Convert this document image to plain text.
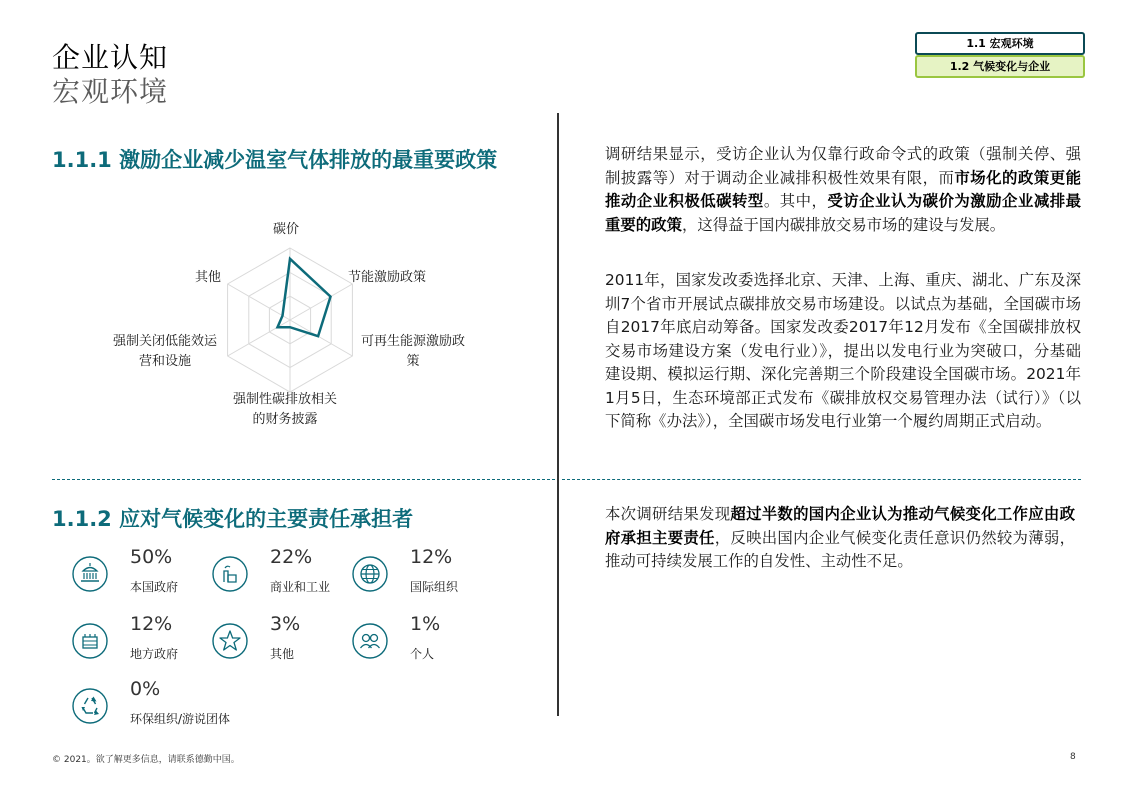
企业认知
宏观环境
1.1 宏观环境
1.2 气候变化与企业
1.1.1 激励企业减少温室气体排放的最重要政策
碳价
节能激励政策
可再生能源激励政
策
强制性碳排放相关
的财务披露
强制关闭低能效运
营和设施
其他
调研结果显示，受访企业认为仅靠行政命令式的政策（强制关停、强制披露等）对于调动企业减排积极性效果有限，而市场化的政策更能推动企业积极低碳转型。其中，受访企业认为碳价为激励企业减排最重要的政策，这得益于国内碳排放交易市场的建设与发展。
2011年，国家发改委选择北京、天津、上海、重庆、湖北、广东及深圳7个省市开展试点碳排放交易市场建设。以试点为基础，全国碳市场自2017年底启动筹备。国家发改委2017年12月发布《全国碳排放权交易市场建设方案（发电行业）》，提出以发电行业为突破口，分基础建设期、模拟运行期、深化完善期三个阶段建设全国碳市场。2021年1月5日，生态环境部正式发布《碳排放权交易管理办法（试行）》（以下简称《办法》），全国碳市场发电行业第一个履约周期正式启动。
1.1.2 应对气候变化的主要责任承担者
50%
本国政府
22%
商业和工业
12%
国际组织
12%
地方政府
3%
其他
1%
个人
0%
环保组织/游说团体
本次调研结果发现超过半数的国内企业认为推动气候变化工作应由政府承担主要责任，反映出国内企业气候变化责任意识仍然较为薄弱，推动可持续发展工作的自发性、主动性不足。
© 2021。欲了解更多信息，请联系德勤中国。	8
